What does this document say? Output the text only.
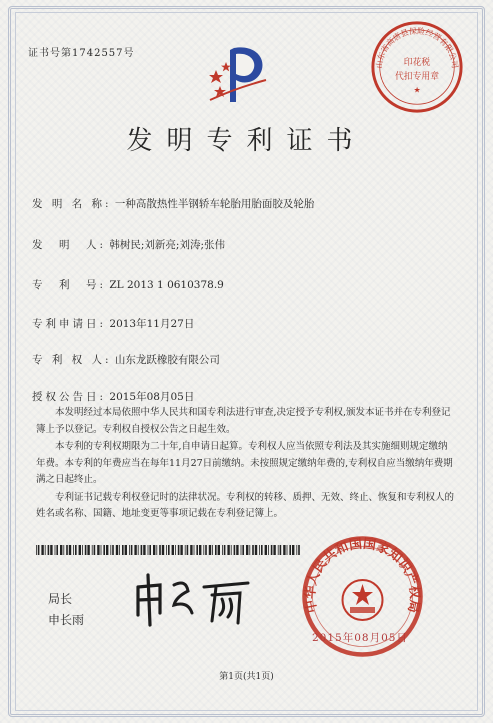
证书号第1742557号
山东省高唐县保险经营有限公司
印花税
代扣专用章
★
发明专利证书
发 明 名 称: 一种高散热性半钢轿车轮胎用胎面胶及轮胎
发　明　人: 韩树民;刘新亮;刘涛;张伟
专　利　号: ZL 2013 1 0610378.9
专利申请日: 2013年11月27日
专 利 权 人: 山东龙跃橡胶有限公司
授权公告日: 2015年08月05日

本发明经过本局依照中华人民共和国专利法进行审查,决定授予专利权,颁发本证书并在专利登记簿上予以登记。专利权自授权公告之日起生效。

本专利的专利权期限为二十年,自申请日起算。专利权人应当依照专利法及其实施细则规定缴纳年费。本专利的年费应当在每年11月27日前缴纳。未按照规定缴纳年费的,专利权自应当缴纳年费期满之日起终止。

专利证书记载专利权登记时的法律状况。专利权的转移、质押、无效、终止、恢复和专利权人的姓名或名称、国籍、地址变更等事项记载在专利登记簿上。

局长
申长雨
中华人民共和国国家知识产权局
2015年08月05日
第1页(共1页)
